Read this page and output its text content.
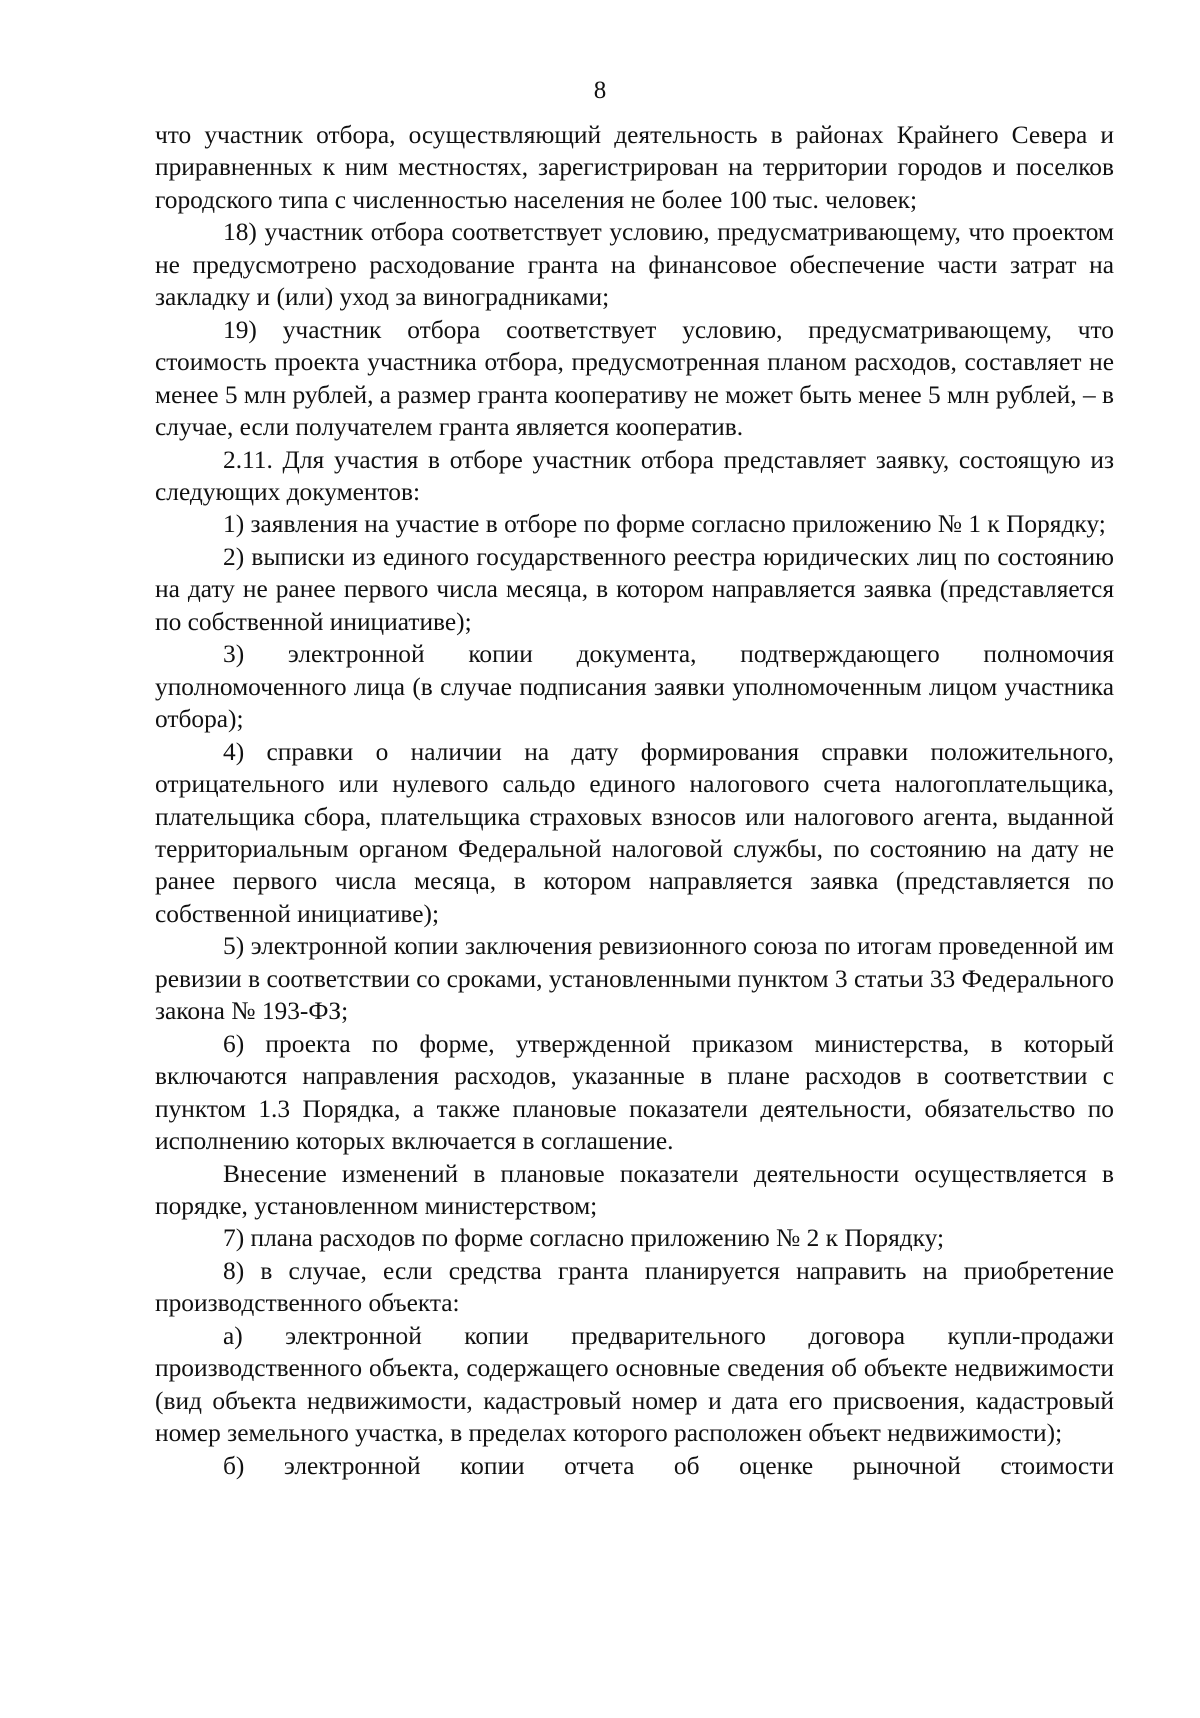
8

что участник отбора, осуществляющий деятельность в районах Крайнего Севера и приравненных к ним местностях, зарегистрирован на территории городов и поселков городского типа с численностью населения не более 100 тыс. человек;

18) участник отбора соответствует условию, предусматривающему, что проектом не предусмотрено расходование гранта на финансовое обеспечение части затрат на закладку и (или) уход за виноградниками;

19) участник отбора соответствует условию, предусматривающему, что стоимость проекта участника отбора, предусмотренная планом расходов, составляет не менее 5 млн рублей, а размер гранта кооперативу не может быть менее 5 млн рублей, – в случае, если получателем гранта является кооператив.

2.11. Для участия в отборе участник отбора представляет заявку, состоящую из следующих документов:

1) заявления на участие в отборе по форме согласно приложению № 1 к Порядку;

2) выписки из единого государственного реестра юридических лиц по состоянию на дату не ранее первого числа месяца, в котором направляется заявка (представляется по собственной инициативе);

3) электронной копии документа, подтверждающего полномочия уполномоченного лица (в случае подписания заявки уполномоченным лицом участника отбора);

4) справки о наличии на дату формирования справки положительного, отрицательного или нулевого сальдо единого налогового счета налогоплательщика, плательщика сбора, плательщика страховых взносов или налогового агента, выданной территориальным органом Федеральной налоговой службы, по состоянию на дату не ранее первого числа месяца, в котором направляется заявка (представляется по собственной инициативе);

5) электронной копии заключения ревизионного союза по итогам проведенной им ревизии в соответствии со сроками, установленными пунктом 3 статьи 33 Федерального закона № 193-ФЗ;

6) проекта по форме, утвержденной приказом министерства, в который включаются направления расходов, указанные в плане расходов в соответствии с пунктом 1.3 Порядка, а также плановые показатели деятельности, обязательство по исполнению которых включается в соглашение.

Внесение изменений в плановые показатели деятельности осуществляется в порядке, установленном министерством;

7) плана расходов по форме согласно приложению № 2 к Порядку;

8) в случае, если средства гранта планируется направить на приобретение производственного объекта:

а) электронной копии предварительного договора купли-продажи производственного объекта, содержащего основные сведения об объекте недвижимости (вид объекта недвижимости, кадастровый номер и дата его присвоения, кадастровый номер земельного участка, в пределах которого расположен объект недвижимости);

б) электронной копии отчета об оценке рыночной стоимости
